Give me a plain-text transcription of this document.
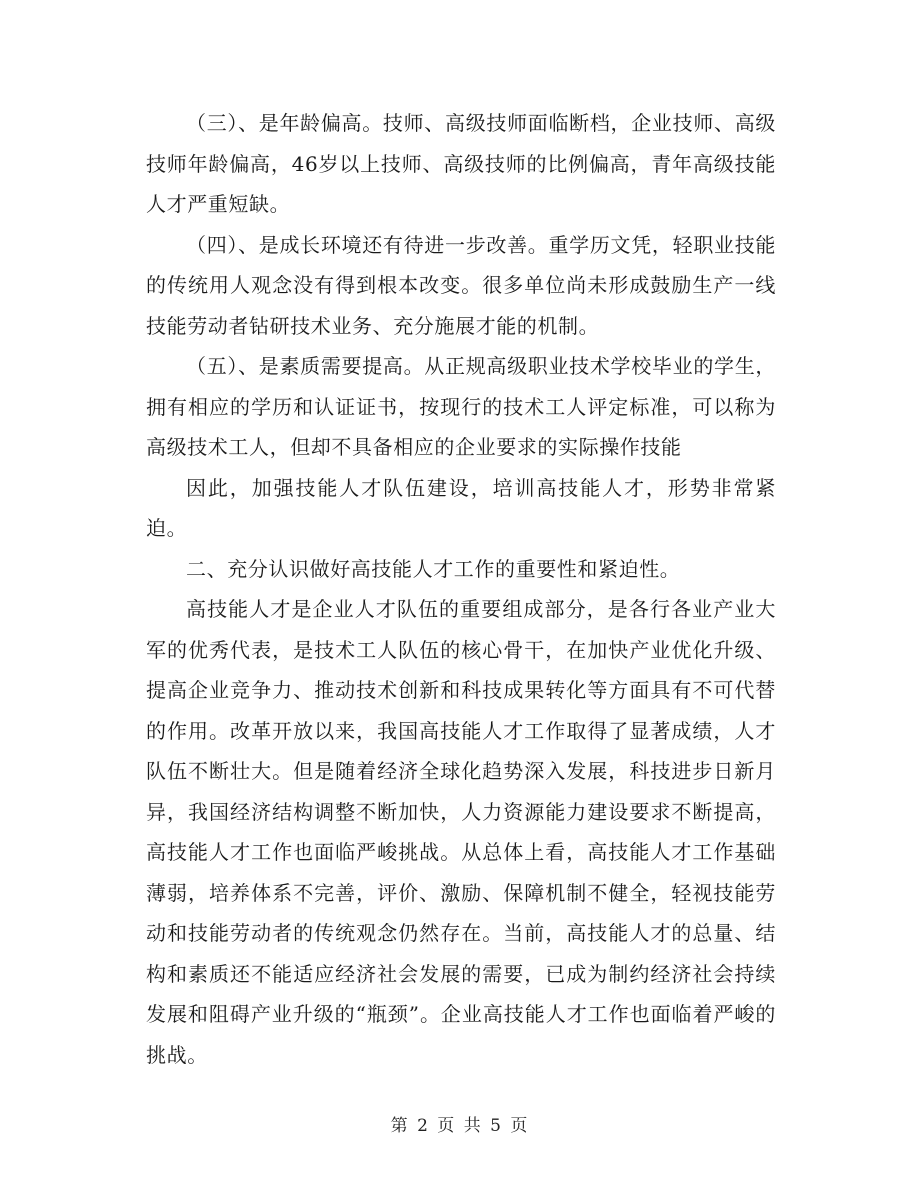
（三）、是年龄偏高。技师、高级技师面临断档，企业技师、高级技师年龄偏高，46岁以上技师、高级技师的比例偏高，青年高级技能人才严重短缺。

（四）、是成长环境还有待进一步改善。重学历文凭，轻职业技能的传统用人观念没有得到根本改变。很多单位尚未形成鼓励生产一线技能劳动者钻研技术业务、充分施展才能的机制。

（五）、是素质需要提高。从正规高级职业技术学校毕业的学生，拥有相应的学历和认证证书，按现行的技术工人评定标准，可以称为高级技术工人，但却不具备相应的企业要求的实际操作技能

因此，加强技能人才队伍建设，培训高技能人才，形势非常紧迫。

二、充分认识做好高技能人才工作的重要性和紧迫性。

高技能人才是企业人才队伍的重要组成部分，是各行各业产业大军的优秀代表，是技术工人队伍的核心骨干，在加快产业优化升级、提高企业竞争力、推动技术创新和科技成果转化等方面具有不可代替的作用。改革开放以来，我国高技能人才工作取得了显著成绩，人才队伍不断壮大。但是随着经济全球化趋势深入发展，科技进步日新月异，我国经济结构调整不断加快，人力资源能力建设要求不断提高，高技能人才工作也面临严峻挑战。从总体上看，高技能人才工作基础薄弱，培养体系不完善，评价、激励、保障机制不健全，轻视技能劳动和技能劳动者的传统观念仍然存在。当前，高技能人才的总量、结构和素质还不能适应经济社会发展的需要，已成为制约经济社会持续发展和阻碍产业升级的“瓶颈”。企业高技能人才工作也面临着严峻的挑战。

第 2 页 共 5 页
